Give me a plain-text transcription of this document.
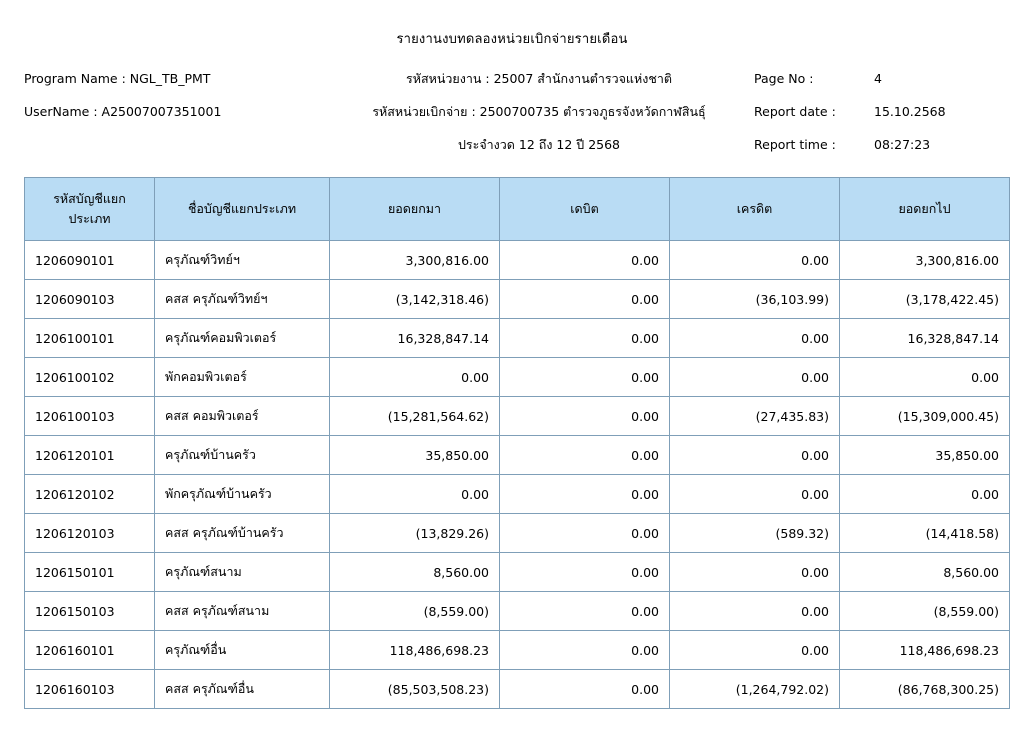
รายงานงบทดลองหน่วยเบิกจ่ายรายเดือน
Program Name : NGL_TB_PMT	รหัสหน่วยงาน : 25007 สำนักงานตำรวจแห่งชาติ	Page No :	4
UserName : A25007007351001	รหัสหน่วยเบิกจ่าย : 2500700735 ตำรวจภูธรจังหวัดกาฬสินธุ์	Report date :	15.10.2568
ประจำงวด 12 ถึง 12 ปี 2568	Report time :	08:27:23
รหัสบัญชีแยกประเภท	ชื่อบัญชีแยกประเภท	ยอดยกมา	เดบิต	เครดิต	ยอดยกไป
1206090101	ครุภัณฑ์วิทย์ฯ	3,300,816.00	0.00	0.00	3,300,816.00
1206090103	คสส ครุภัณฑ์วิทย์ฯ	(3,142,318.46)	0.00	(36,103.99)	(3,178,422.45)
1206100101	ครุภัณฑ์คอมพิวเตอร์	16,328,847.14	0.00	0.00	16,328,847.14
1206100102	พักคอมพิวเตอร์	0.00	0.00	0.00	0.00
1206100103	คสส คอมพิวเตอร์	(15,281,564.62)	0.00	(27,435.83)	(15,309,000.45)
1206120101	ครุภัณฑ์บ้านครัว	35,850.00	0.00	0.00	35,850.00
1206120102	พักครุภัณฑ์บ้านครัว	0.00	0.00	0.00	0.00
1206120103	คสส ครุภัณฑ์บ้านครัว	(13,829.26)	0.00	(589.32)	(14,418.58)
1206150101	ครุภัณฑ์สนาม	8,560.00	0.00	0.00	8,560.00
1206150103	คสส ครุภัณฑ์สนาม	(8,559.00)	0.00	0.00	(8,559.00)
1206160101	ครุภัณฑ์อื่น	118,486,698.23	0.00	0.00	118,486,698.23
1206160103	คสส ครุภัณฑ์อื่น	(85,503,508.23)	0.00	(1,264,792.02)	(86,768,300.25)
